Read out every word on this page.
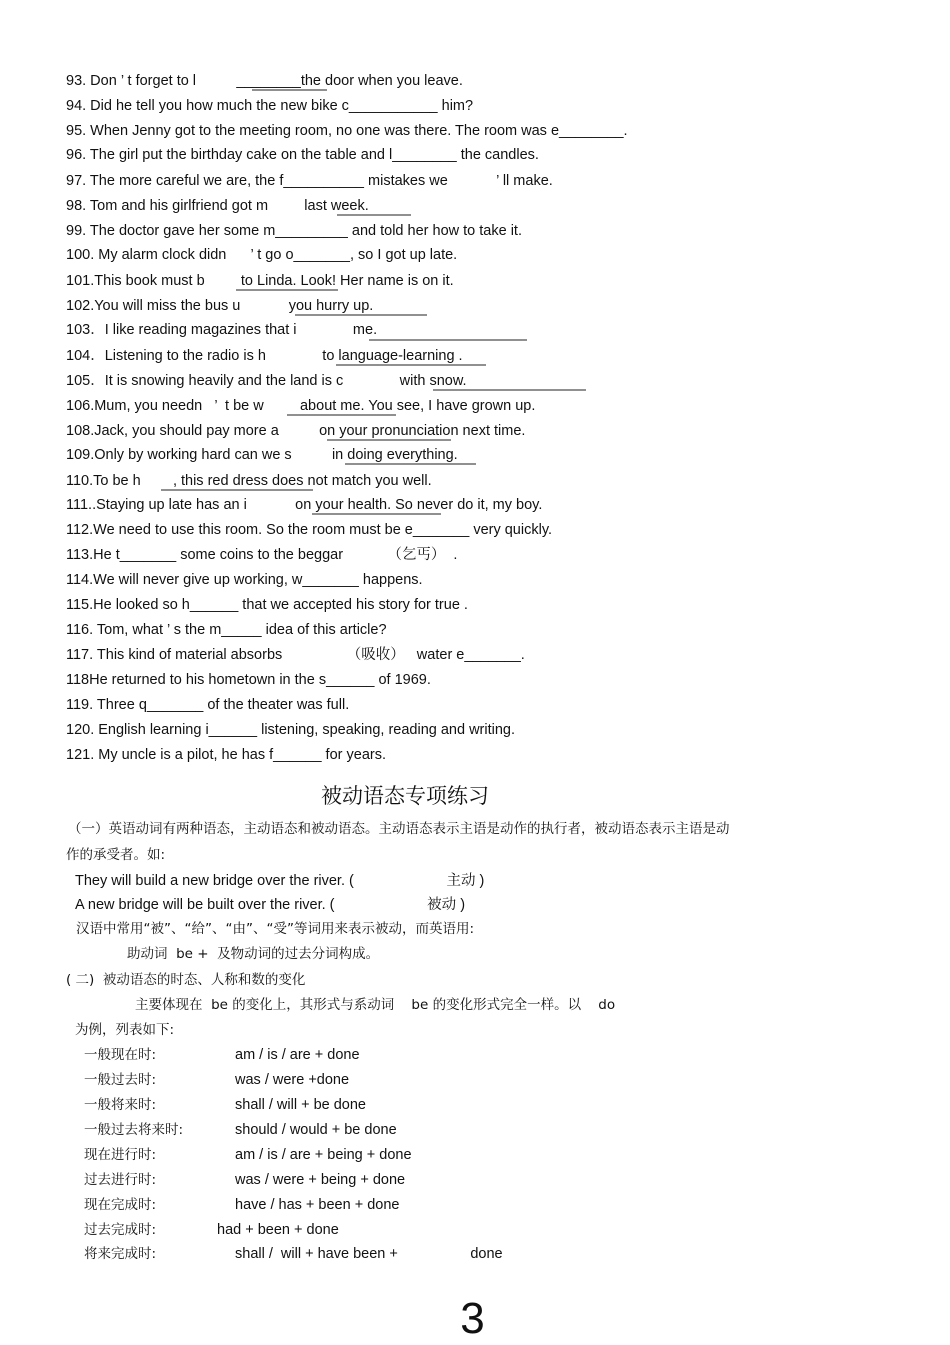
93. Don ’ t forget to l          ________the door when you leave.
94. Did he tell you how much the new bike c___________ him?
95. When Jenny got to the meeting room, no one was there. The room was e________.
96. The girl put the birthday cake on the table and l________ the candles.
97. The more careful we are, the f__________ mistakes we            ’ ll make.
98. Tom and his girlfriend got m         last week.
99. The doctor gave her some m_________ and told her how to take it.
100. My alarm clock didn      ’ t go o_______, so I got up late.
101.This book must b         to Linda. Look! Her name is on it.
102.You will miss the bus u            you hurry up.
103．I like reading magazines that i              me.
104．Listening to the radio is h              to language-learning .
105．It is snowing heavily and the land is c              with snow.
106.Mum, you needn   ’  t be w         about me. You see, I have grown up.
108.Jack, you should pay more a          on your pronunciation next time.
109.Only by working hard can we s          in doing everything.
110.To be h        , this red dress does not match you well.
111..Staying up late has an i            on your health. So never do it, my boy.
112.We need to use this room. So the room must be e_______ very quickly.
113.He t_______ some coins to the beggar           （乞丐）  .
114.We will never give up working, w_______ happens.
115.He looked so h______ that we accepted his story for true .
116. Tom, what ’ s the m_____ idea of this article?
117. This kind of material absorbs                （吸收）   water e_______.
118He returned to his hometown in the s______ of 1969.
119. Three q_______ of the theater was full.
120. English learning i______ listening, speaking, reading and writing.
121. My uncle is a pilot, he has f______ for years.
被动语态专项练习
（一）英语动词有两种语态，主动语态和被动语态。主动语态表示主语是动作的执行者，被动语态表示主语是动
作的承受者。如:
They will build a new bridge over the river. (                       主动 )
A new bridge will be built over the river. (                       被动 )
汉语中常用“被”、“给”、“由”、“受”等词用来表示被动，而英语用:
助动词  be +  及物动词的过去分词构成。
( 二)  被动语态的时态、人称和数的变化
主要体现在  be 的变化上，其形式与系动词    be 的变化形式完全一样。以    do
为例，列表如下:
一般现在时:	am / is / are + done
一般过去时:	was / were +done
一般将来时:	shall / will + be done
一般过去将来时:	should / would + be done
现在进行时:	am / is / are + being + done
过去进行时:	was / were + being + done
现在完成时:	have / has + been + done
过去完成时:	had + been + done
将来完成时:	shall /  will + have been +                  done
3
